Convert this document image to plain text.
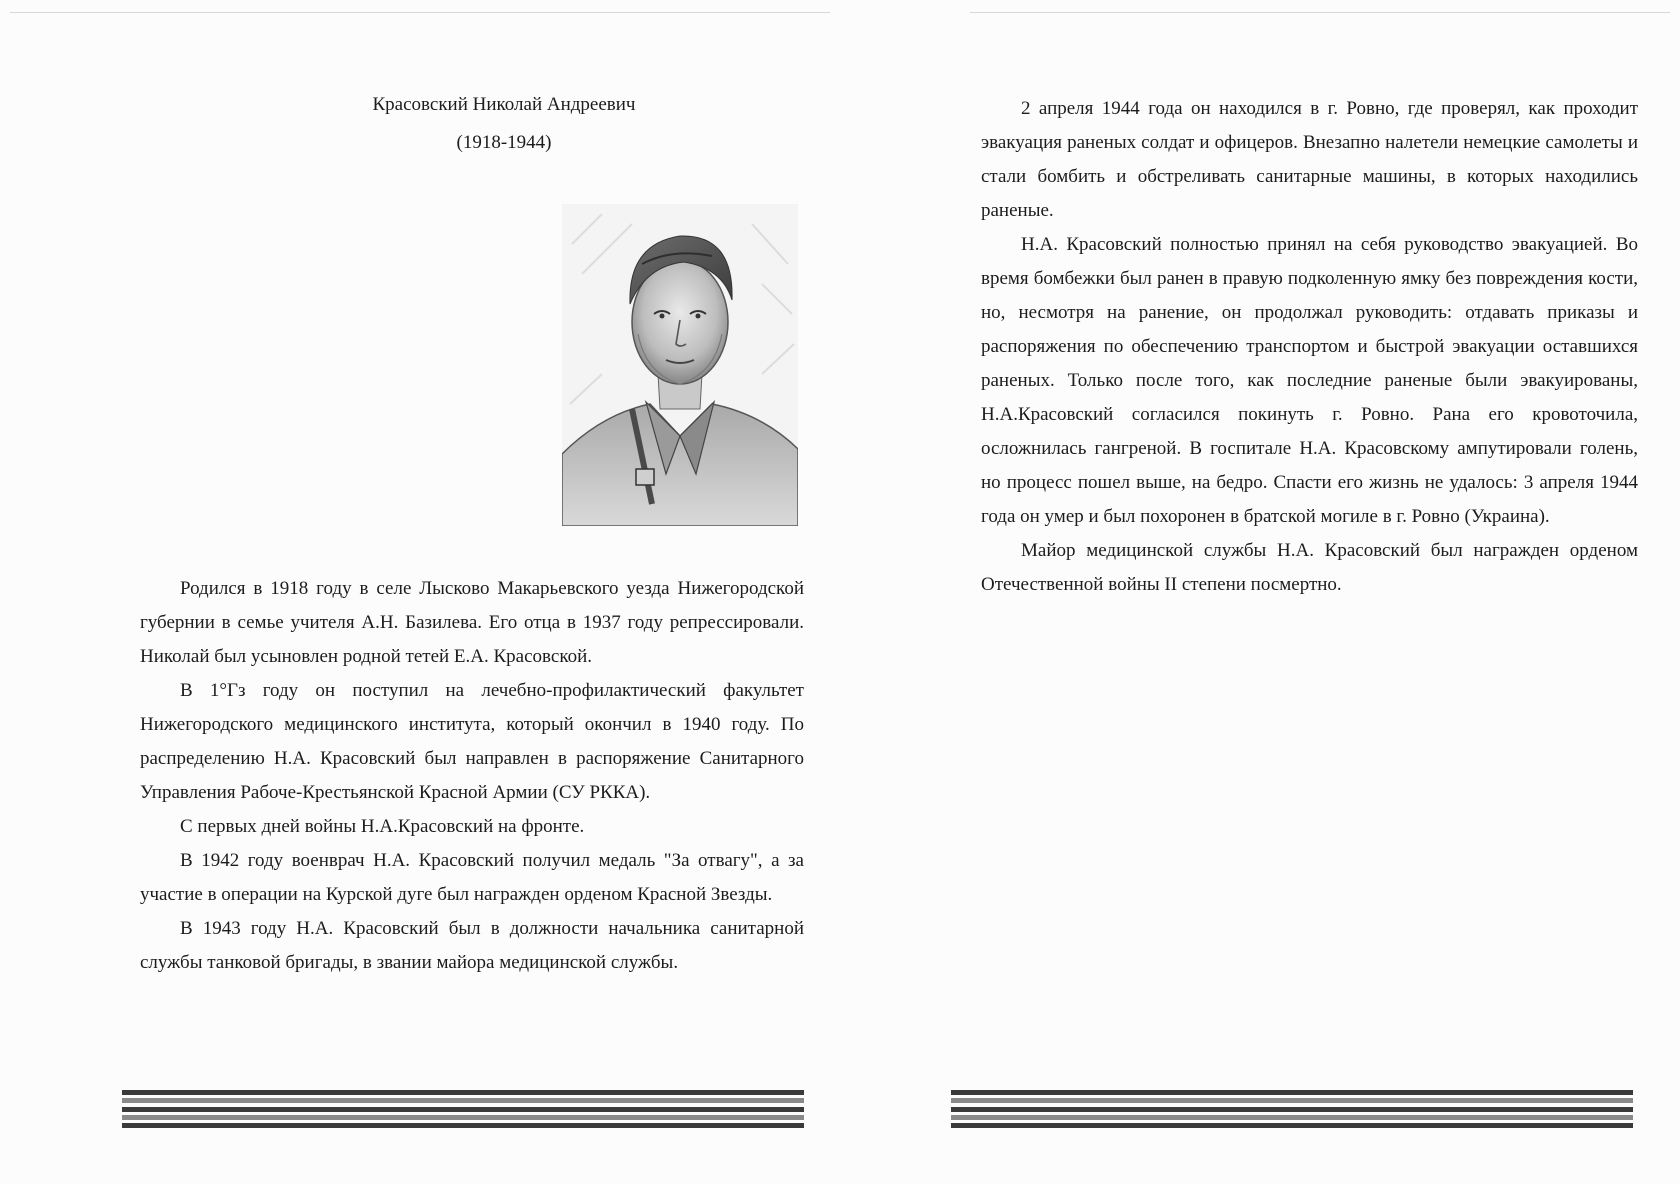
Красовский Николай Андреевич
(1918-1944)

Родился в 1918 году в селе Лысково Макарьевского уезда Нижегородской губернии в семье учителя А.Н. Базилева. Его отца в 1937 году репрессировали. Николай был усыновлен родной тетей Е.А. Красовской.

В 1°Гз году он поступил на лечебно-профилактический факультет Нижегородского медицинского института, который окончил в 1940 году. По распределению Н.А. Красовский был направлен в распоряжение Санитарного Управления Рабоче-Крестьянской Красной Армии (СУ РККА).

С первых дней войны Н.А.Красовский на фронте.

В 1942 году военврач Н.А. Красовский получил медаль "За отвагу", а за участие в операции на Курской дуге был награжден орденом Красной Звезды.

В 1943 году Н.А. Красовский был в должности начальника санитарной службы танковой бригады, в звании майора медицинской службы.

2 апреля 1944 года он находился в г. Ровно, где проверял, как проходит эвакуация раненых солдат и офицеров. Внезапно налетели немецкие самолеты и стали бомбить и обстреливать санитарные машины, в которых находились раненые.

Н.А. Красовский полностью принял на себя руководство эвакуацией. Во время бомбежки был ранен в правую подколенную ямку без повреждения кости, но, несмотря на ранение, он продолжал руководить: отдавать приказы и распоряжения по обеспечению транспортом и быстрой эвакуации оставшихся раненых. Только после того, как последние раненые были эвакуированы, Н.А.Красовский согласился покинуть г. Ровно. Рана его кровоточила, осложнилась гангреной. В госпитале Н.А. Красовскому ампутировали голень, но процесс пошел выше, на бедро. Спасти его жизнь не удалось: 3 апреля 1944 года он умер и был похоронен в братской могиле в г. Ровно (Украина).

Майор медицинской службы Н.А. Красовский был награжден орденом Отечественной войны II степени посмертно.
